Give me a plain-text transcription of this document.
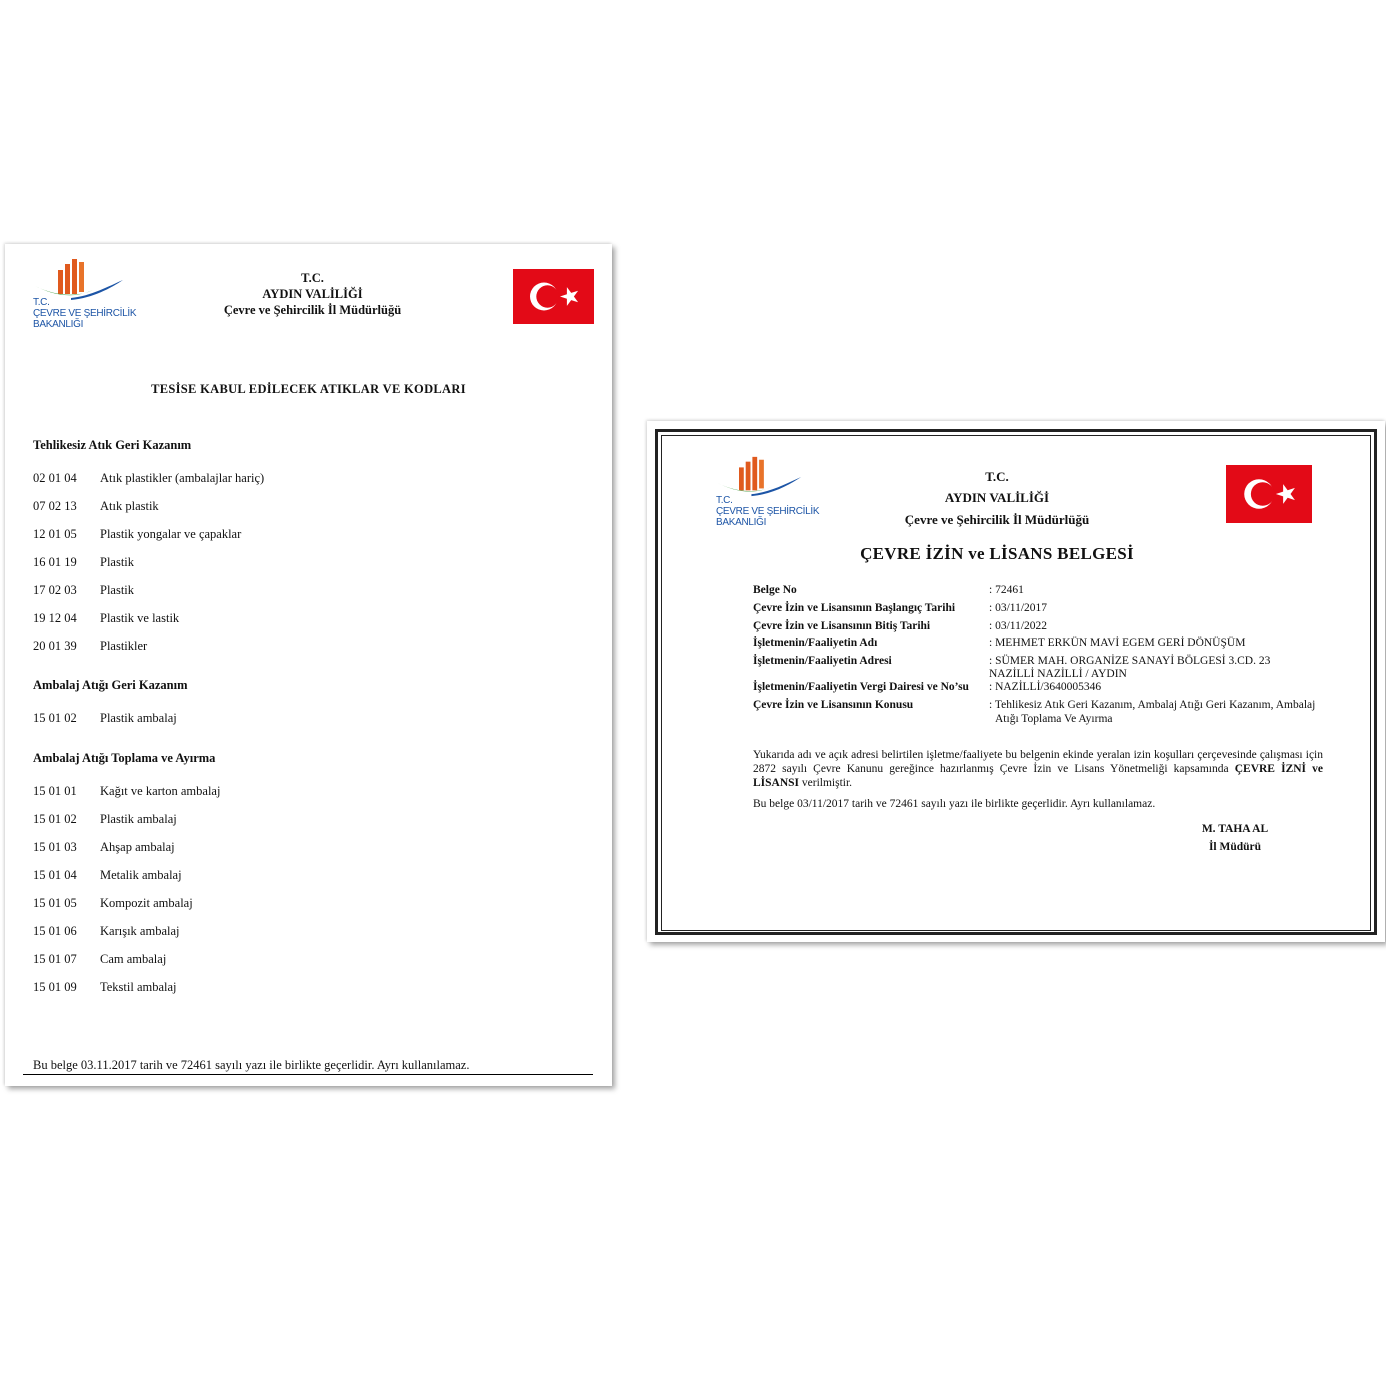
T.C.
ÇEVRE VE ŞEHİRCİLİK
BAKANLIĞI
T.C.
AYDIN VALİLİĞİ
Çevre ve Şehircilik İl Müdürlüğü
TESİSE KABUL EDİLECEK ATIKLAR VE KODLARI
Tehlikesiz Atık Geri Kazanım
02 01 04 Atık plastikler (ambalajlar hariç)
07 02 13 Atık plastik
12 01 05 Plastik yongalar ve çapaklar
16 01 19 Plastik
17 02 03 Plastik
19 12 04 Plastik ve lastik
20 01 39 Plastikler
Ambalaj Atığı Geri Kazanım
15 01 02 Plastik ambalaj
Ambalaj Atığı Toplama ve Ayırma
15 01 01 Kağıt ve karton ambalaj
15 01 02 Plastik ambalaj
15 01 03 Ahşap ambalaj
15 01 04 Metalik ambalaj
15 01 05 Kompozit ambalaj
15 01 06 Karışık ambalaj
15 01 07 Cam ambalaj
15 01 09 Tekstil ambalaj
Bu belge 03.11.2017 tarih ve 72461 sayılı yazı ile birlikte geçerlidir. Ayrı kullanılamaz.
T.C.
ÇEVRE VE ŞEHİRCİLİK
BAKANLIĞI
T.C.
AYDIN VALİLİĞİ
Çevre ve Şehircilik İl Müdürlüğü
ÇEVRE İZİN ve LİSANS BELGESİ
Belge No	: 72461
Çevre İzin ve Lisansının Başlangıç Tarihi	: 03/11/2017
Çevre İzin ve Lisansının Bitiş Tarihi	: 03/11/2022
İşletmenin/Faaliyetin Adı	: MEHMET ERKÜN MAVİ EGEM GERİ DÖNÜŞÜM
İşletmenin/Faaliyetin Adresi	: SÜMER MAH. ORGANİZE SANAYİ BÖLGESİ 3.CD. 23
NAZİLLİ NAZİLLİ / AYDIN
İşletmenin/Faaliyetin Vergi Dairesi ve No’su : NAZİLLİ/3640005346
Çevre İzin ve Lisansının Konusu	: Tehlikesiz Atık Geri Kazanım, Ambalaj Atığı Geri Kazanım, Ambalaj
Atığı Toplama Ve Ayırma
Yukarıda adı ve açık adresi belirtilen işletme/faaliyete bu belgenin ekinde yeralan izin koşulları çerçevesinde çalışması için 2872 sayılı Çevre Kanunu gereğince hazırlanmış Çevre İzin ve Lisans Yönetmeliği kapsamında ÇEVRE İZNİ ve LİSANSI verilmiştir.
Bu belge 03/11/2017 tarih ve 72461 sayılı yazı ile birlikte geçerlidir. Ayrı kullanılamaz.
M. TAHA AL
İl Müdürü
